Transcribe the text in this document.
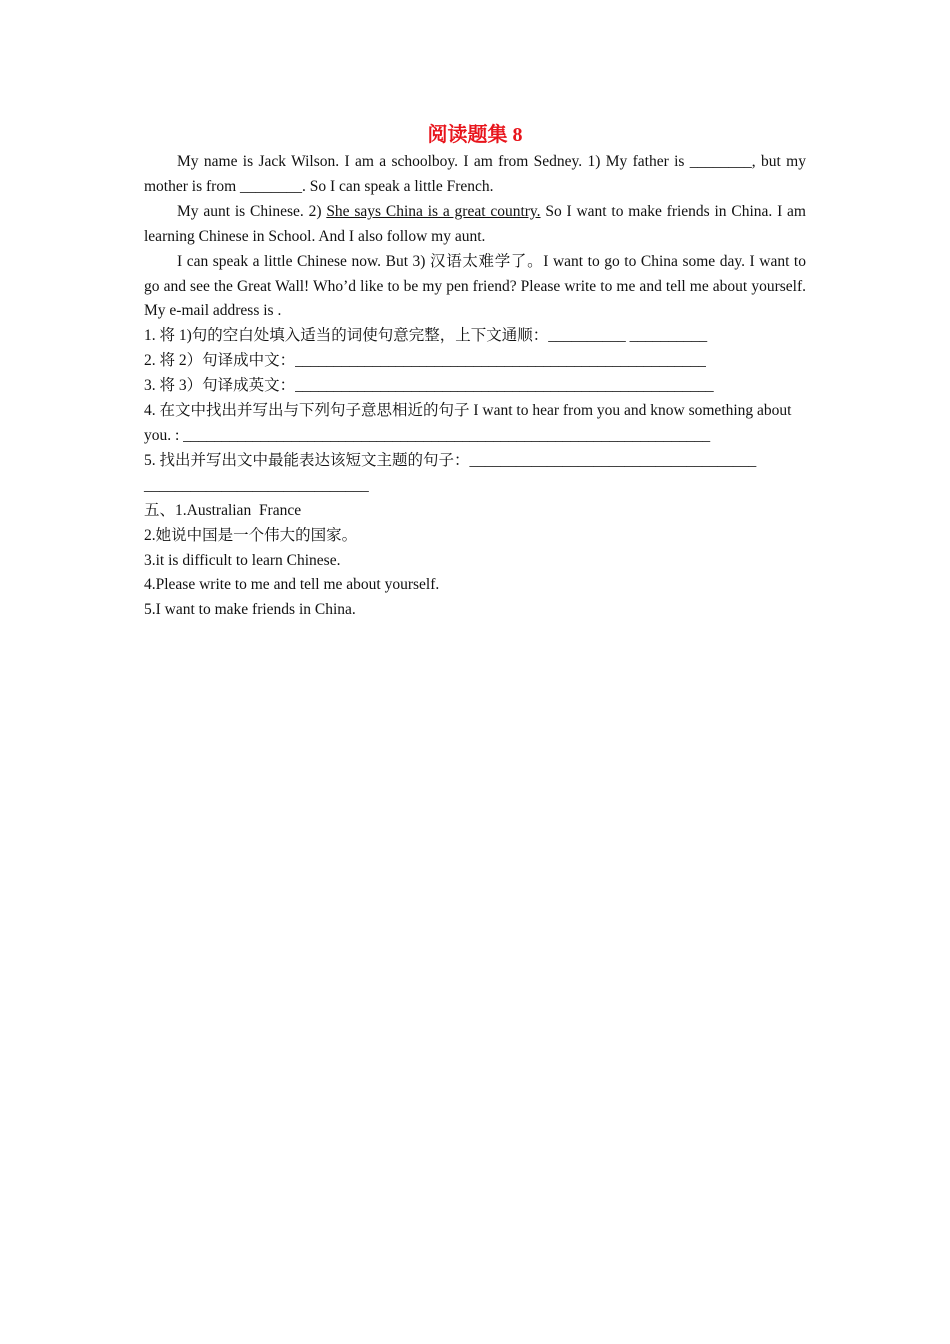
阅读题集 8

My name is Jack Wilson. I am a schoolboy. I am from Sedney. 1) My father is ________, but my mother is from ________. So I can speak a little French.

My aunt is Chinese. 2) She says China is a great country. So I want to make friends in China. I am learning Chinese in School. And I also follow my aunt.

I can speak a little Chinese now. But 3) 汉语太难学了。I want to go to China some day. I want to go and see the Great Wall! Who’d like to be my pen friend? Please write to me and tell me about yourself. My e-mail address is .

1. 将 1)句的空白处填入适当的词使句意完整，上下文通顺：__________ __________

2. 将 2）句译成中文：_____________________________________________________

3. 将 3）句译成英文：______________________________________________________

4. 在文中找出并写出与下列句子意思相近的句子 I want to hear from you and know something about you. : ____________________________________________________________________

5. 找出并写出文中最能表达该短文主题的句子：_____________________________________ _____________________________

五、1.Australian  France

2.她说中国是一个伟大的国家。

3.it is difficult to learn Chinese.

4.Please write to me and tell me about yourself.

5.I want to make friends in China.
